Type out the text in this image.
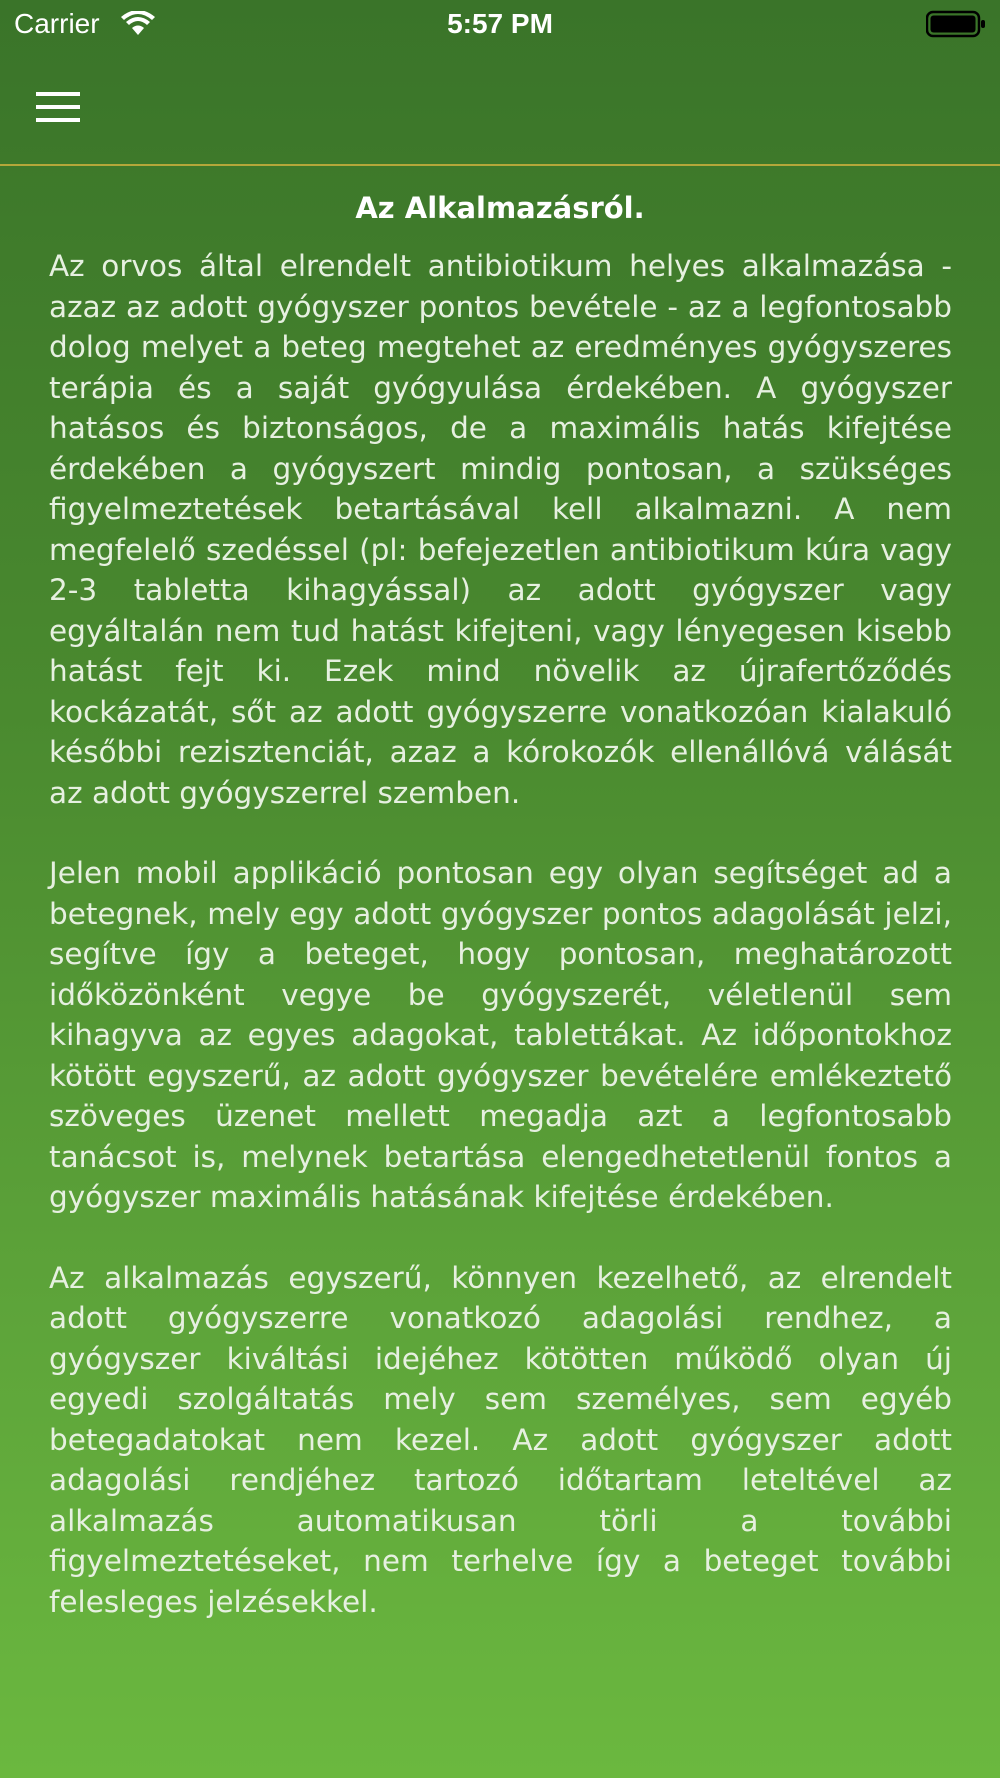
Carrier	5:57 PM
Az Alkalmazásról.

Az orvos által elrendelt antibiotikum helyes alkalmazása - azaz az adott gyógyszer pontos bevétele - az a legfontosabb dolog melyet a beteg megtehet az eredményes gyógyszeres terápia és a saját gyógyulása érdekében. A gyógyszer hatásos és biztonságos, de a maximális hatás kifejtése érdekében a gyógyszert mindig pontosan, a szükséges figyelmeztetések betartásával kell alkalmazni. A nem megfelelő szedéssel (pl: befejezetlen antibiotikum kúra vagy 2-3 tabletta kihagyással) az adott gyógyszer vagy egyáltalán nem tud hatást kifejteni, vagy lényegesen kisebb hatást fejt ki. Ezek mind növelik az újrafertőződés kockázatát, sőt az adott gyógyszerre vonatkozóan kialakuló későbbi rezisztenciát, azaz a kórokozók ellenállóvá válását az adott gyógyszerrel szemben.

Jelen mobil applikáció pontosan egy olyan segítséget ad a betegnek, mely egy adott gyógyszer pontos adagolását jelzi, segítve így a beteget, hogy pontosan, meghatározott időközönként vegye be gyógyszerét, véletlenül sem kihagyva az egyes adagokat, tablettákat. Az időpontokhoz kötött egyszerű, az adott gyógyszer bevételére emlékeztető szöveges üzenet mellett megadja azt a legfontosabb tanácsot is, melynek betartása elengedhetetlenül fontos a gyógyszer maximális hatásának kifejtése érdekében.

Az alkalmazás egyszerű, könnyen kezelhető, az elrendelt adott gyógyszerre vonatkozó adagolási rendhez, a gyógyszer kiváltási idejéhez kötötten működő olyan új egyedi szolgáltatás mely sem személyes, sem egyéb betegadatokat nem kezel. Az adott gyógyszer adott adagolási rendjéhez tartozó időtartam leteltével az alkalmazás automatikusan törli a további figyelmeztetéseket, nem terhelve így a beteget további felesleges jelzésekkel.
